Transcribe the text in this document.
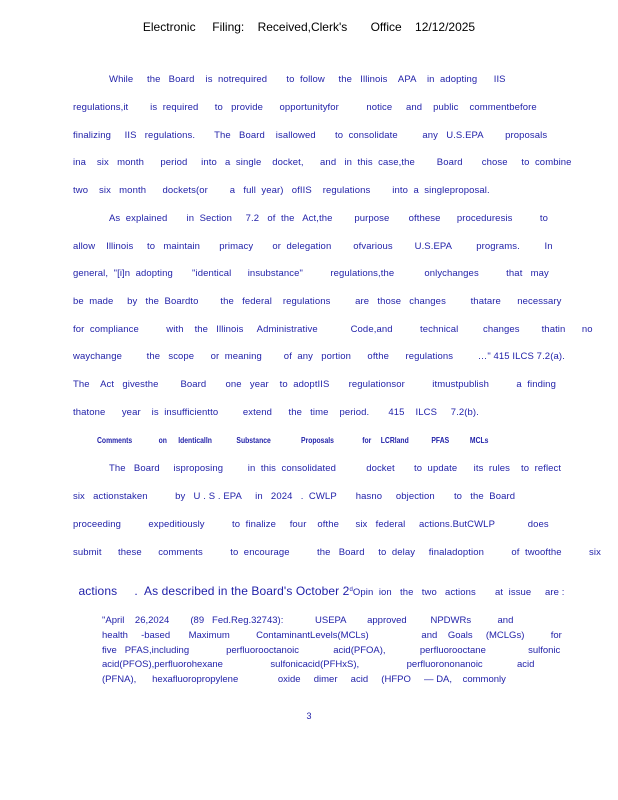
Electronic     Filing:    Received,Clerk's       Office    12/12/2025
While     the   Board    is  notrequired       to  follow     the   Illinois    APA    in  adopting      IIS
regulations,it        is  required      to   provide      opportunityfor          notice     and    public    commentbefore
finalizing     IIS   regulations.       The   Board    isallowed       to  consolidate         any   U.S.EPA        proposals
ina    six   month      period     into   a  single    docket,      and   in  this  case,the        Board       chose     to  combine
two    six   month      dockets(or        a   full  year)   ofIIS    regulations        into  a  singleproposal.
As  explained       in  Section     7.2   of  the   Act,the        purpose       ofthese      proceduresis          to
allow    Illinois     to   maintain       primacy       or  delegation        ofvarious        U.S.EPA         programs.         In
general,  "[i]n  adopting       "identical      insubstance"          regulations,the           onlychanges          that   may
be  made     by   the  Boardto        the   federal    regulations         are   those   changes         thatare      necessary
for  compliance          with    the   Illinois     Administrative            Code,and          technical         changes        thatin      no
waychange         the   scope      or  meaning        of  any   portion      ofthe      regulations         …" 415 ILCS 7.2(a).
The    Act   givesthe        Board       one   year    to  adoptIIS       regulationsor          itmustpublish          a  finding
thatone      year    is  insufficientto         extend      the   time    period.       415    ILCS     7.2(b).
Comments              on      IdenticalIn             Substance                Proposals               for     LCRland            PFAS           MCLs
The   Board     isproposing         in  this  consolidated           docket       to  update      its  rules    to  reflect
six   actionstaken          by   U . S . EPA     in   2024   .  CWLP       hasno     objection       to   the  Board
proceeding          expeditiously          to  finalize     four    ofthe      six   federal     actions.ButCWLP            does
submit      these      comments          to  encourage          the   Board     to  delay     finaladoption          of  twoofthe          six

actions     .  As described in the Board's October 2$^d$Opin  ion   the   two   actions       at  issue     are :

"April    26,2024        (89   Fed.Reg.32743):            USEPA        approved         NPDWRs          and
health     -based       Maximum          ContaminantLevels(MCLs)                    and    Goals     (MCLGs)          for
five   PFAS,including              perfluorooctanoic             acid(PFOA),             perfluorooctane                sulfonic
acid(PFOS),perfluorohexane                  sulfonicacid(PFHxS),                  perfluorononanoic             acid
(PFNA),      hexafluoropropylene               oxide     dimer     acid     (HFPO     — DA,    commonly
3
